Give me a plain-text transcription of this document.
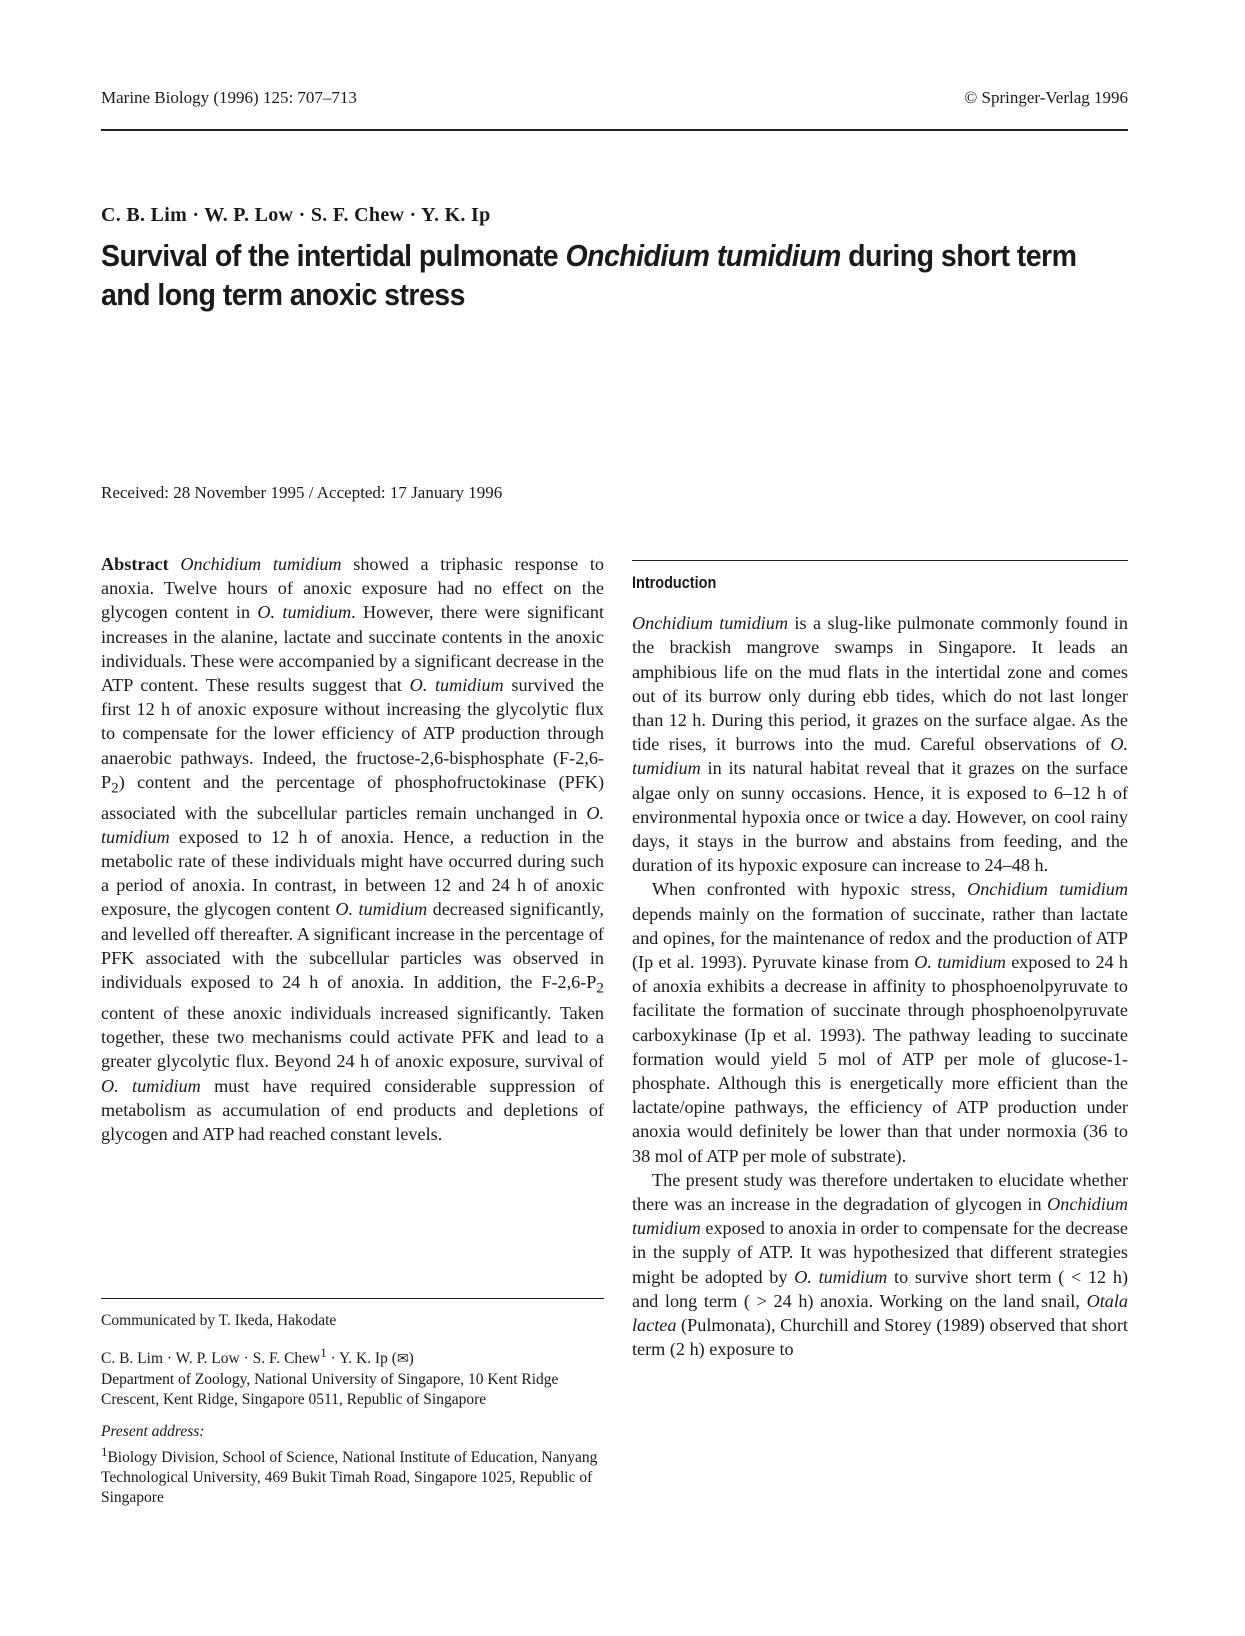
Marine Biology (1996) 125: 707–713	© Springer-Verlag 1996
C. B. Lim · W. P. Low · S. F. Chew · Y. K. Ip
Survival of the intertidal pulmonate Onchidium tumidium during short term and long term anoxic stress
Received: 28 November 1995 / Accepted: 17 January 1996

Abstract Onchidium tumidium showed a triphasic response to anoxia. Twelve hours of anoxic exposure had no effect on the glycogen content in O. tumidium. However, there were significant increases in the alanine, lactate and succinate contents in the anoxic individuals. These were accompanied by a significant decrease in the ATP content. These results suggest that O. tumidium survived the first 12 h of anoxic exposure without increasing the glycolytic flux to compensate for the lower efficiency of ATP production through anaerobic pathways. Indeed, the fructose-2,6-bisphosphate $(F-2,6-P_2)$ content and the percentage of phosphofructokinase (PFK) associated with the subcellular particles remain unchanged in O. tumidium exposed to 12 h of anoxia. Hence, a reduction in the metabolic rate of these individuals might have occurred during such a period of anoxia. In contrast, in between 12 and 24 h of anoxic exposure, the glycogen content O. tumidium decreased significantly, and levelled off thereafter. A significant increase in the percentage of PFK associated with the subcellular particles was observed in individuals exposed to 24 h of anoxia. In addition, the $F-2,6-P_2$ content of these anoxic individuals increased significantly. Taken together, these two mechanisms could activate PFK and lead to a greater glycolytic flux. Beyond 24 h of anoxic exposure, survival of O. tumidium must have required considerable suppression of metabolism as accumulation of end products and depletions of glycogen and ATP had reached constant levels.

Communicated by T. Ikeda, Hakodate

C. B. Lim · W. P. Low · S. F. Chew$^1$ · Y. K. Ip (✉)

Department of Zoology, National University of Singapore, 10 Kent Ridge Crescent, Kent Ridge, Singapore 0511, Republic of Singapore

Present address:

$^1$Biology Division, School of Science, National Institute of Education, Nanyang Technological University, 469 Bukit Timah Road, Singapore 1025, Republic of Singapore

Introduction

Onchidium tumidium is a slug-like pulmonate commonly found in the brackish mangrove swamps in Singapore. It leads an amphibious life on the mud flats in the intertidal zone and comes out of its burrow only during ebb tides, which do not last longer than 12 h. During this period, it grazes on the surface algae. As the tide rises, it burrows into the mud. Careful observations of O. tumidium in its natural habitat reveal that it grazes on the surface algae only on sunny occasions. Hence, it is exposed to 6–12 h of environmental hypoxia once or twice a day. However, on cool rainy days, it stays in the burrow and abstains from feeding, and the duration of its hypoxic exposure can increase to 24–48 h.

When confronted with hypoxic stress, Onchidium tumidium depends mainly on the formation of succinate, rather than lactate and opines, for the maintenance of redox and the production of ATP (Ip et al. 1993). Pyruvate kinase from O. tumidium exposed to 24 h of anoxia exhibits a decrease in affinity to phosphoenolpyruvate to facilitate the formation of succinate through phosphoenolpyruvate carboxykinase (Ip et al. 1993). The pathway leading to succinate formation would yield 5 mol of ATP per mole of glucose-1-phosphate. Although this is energetically more efficient than the lactate/opine pathways, the efficiency of ATP production under anoxia would definitely be lower than that under normoxia (36 to 38 mol of ATP per mole of substrate).

The present study was therefore undertaken to elucidate whether there was an increase in the degradation of glycogen in Onchidium tumidium exposed to anoxia in order to compensate for the decrease in the supply of ATP. It was hypothesized that different strategies might be adopted by O. tumidium to survive short term ( < 12 h) and long term ( > 24 h) anoxia. Working on the land snail, Otala lactea (Pulmonata), Churchill and Storey (1989) observed that short term (2 h) exposure to
